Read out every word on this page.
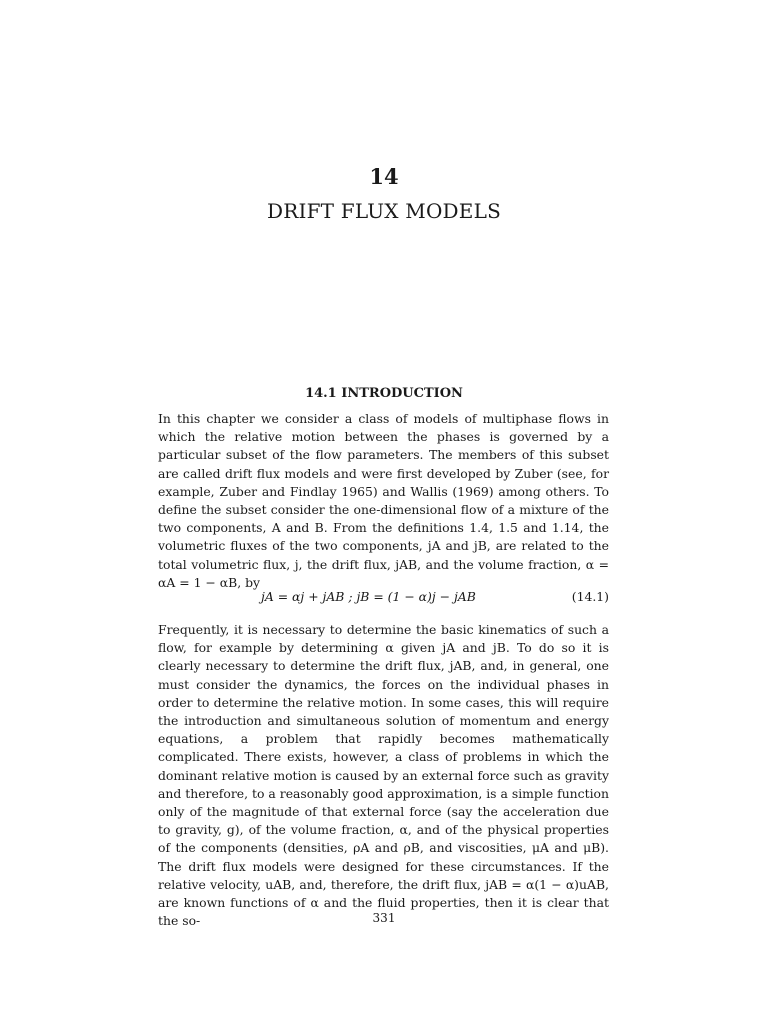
14
DRIFT FLUX MODELS
14.1 INTRODUCTION

In this chapter we consider a class of models of multiphase flows in which the relative motion between the phases is governed by a particular subset of the flow parameters. The members of this subset are called drift flux models and were first developed by Zuber (see, for example, Zuber and Findlay 1965) and Wallis (1969) among others. To define the subset consider the one-dimensional flow of a mixture of the two components, A and B. From the definitions 1.4, 1.5 and 1.14, the volumetric fluxes of the two components, jA and jB, are related to the total volumetric flux, j, the drift flux, jAB, and the volume fraction, α = αA = 1 − αB, by

jA = αj + jAB ; jB = (1 − α)j − jAB	(14.1)

Frequently, it is necessary to determine the basic kinematics of such a flow, for example by determining α given jA and jB. To do so it is clearly necessary to determine the drift flux, jAB, and, in general, one must consider the dynamics, the forces on the individual phases in order to determine the relative motion. In some cases, this will require the introduction and simultaneous solution of momentum and energy equations, a problem that rapidly becomes mathematically complicated. There exists, however, a class of problems in which the dominant relative motion is caused by an external force such as gravity and therefore, to a reasonably good approximation, is a simple function only of the magnitude of that external force (say the acceleration due to gravity, g), of the volume fraction, α, and of the physical properties of the components (densities, ρA and ρB, and viscosities, μA and μB). The drift flux models were designed for these circumstances. If the relative velocity, uAB, and, therefore, the drift flux, jAB = α(1 − α)uAB, are known functions of α and the fluid properties, then it is clear that the so-	331
